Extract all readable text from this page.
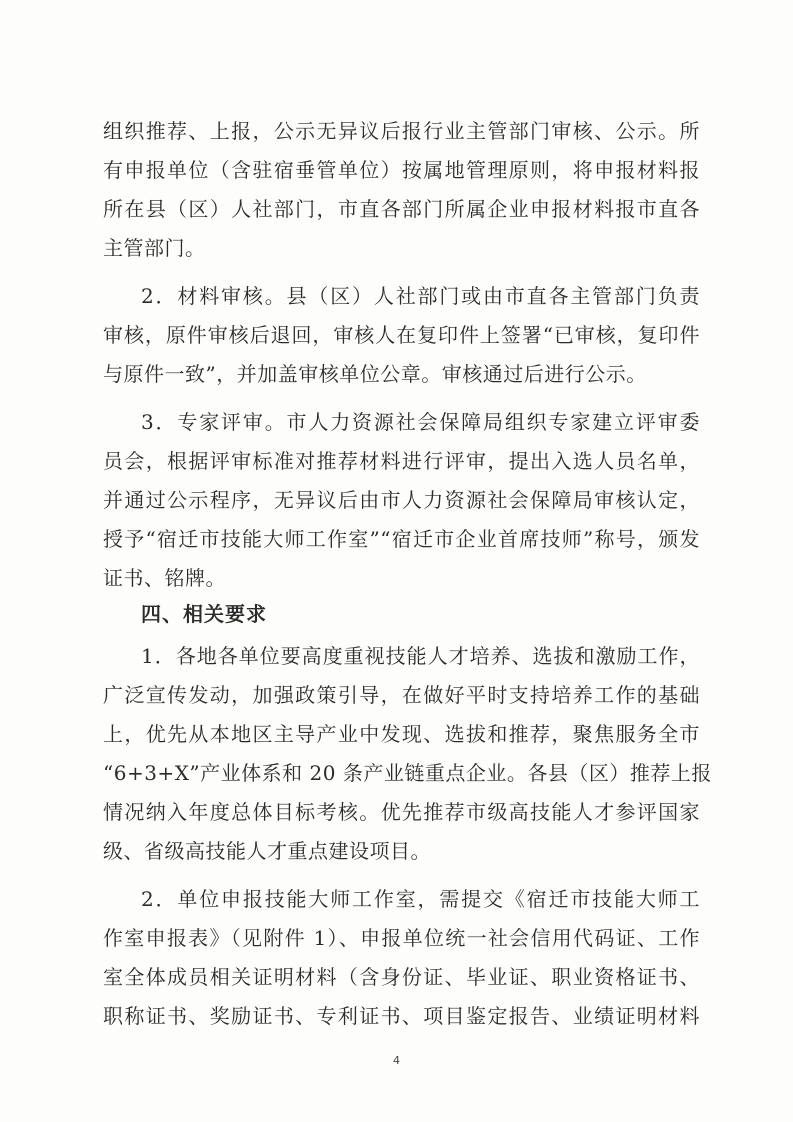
组织推荐、上报，公示无异议后报行业主管部门审核、公示。所
有申报单位（含驻宿垂管单位）按属地管理原则，将申报材料报
所在县（区）人社部门，市直各部门所属企业申报材料报市直各
主管部门。
2．材料审核。县（区）人社部门或由市直各主管部门负责
审核，原件审核后退回，审核人在复印件上签署“已审核，复印件
与原件一致”，并加盖审核单位公章。审核通过后进行公示。
3．专家评审。市人力资源社会保障局组织专家建立评审委
员会，根据评审标准对推荐材料进行评审，提出入选人员名单，
并通过公示程序，无异议后由市人力资源社会保障局审核认定，
授予“宿迁市技能大师工作室”“宿迁市企业首席技师”称号，颁发
证书、铭牌。
四、相关要求
1．各地各单位要高度重视技能人才培养、选拔和激励工作，
广泛宣传发动，加强政策引导，在做好平时支持培养工作的基础
上，优先从本地区主导产业中发现、选拔和推荐，聚焦服务全市
“6+3+X”产业体系和 20 条产业链重点企业。各县（区）推荐上报
情况纳入年度总体目标考核。优先推荐市级高技能人才参评国家
级、省级高技能人才重点建设项目。
2．单位申报技能大师工作室，需提交《宿迁市技能大师工
作室申报表》（见附件 1）、申报单位统一社会信用代码证、工作
室全体成员相关证明材料（含身份证、毕业证、职业资格证书、
职称证书、奖励证书、专利证书、项目鉴定报告、业绩证明材料
4
